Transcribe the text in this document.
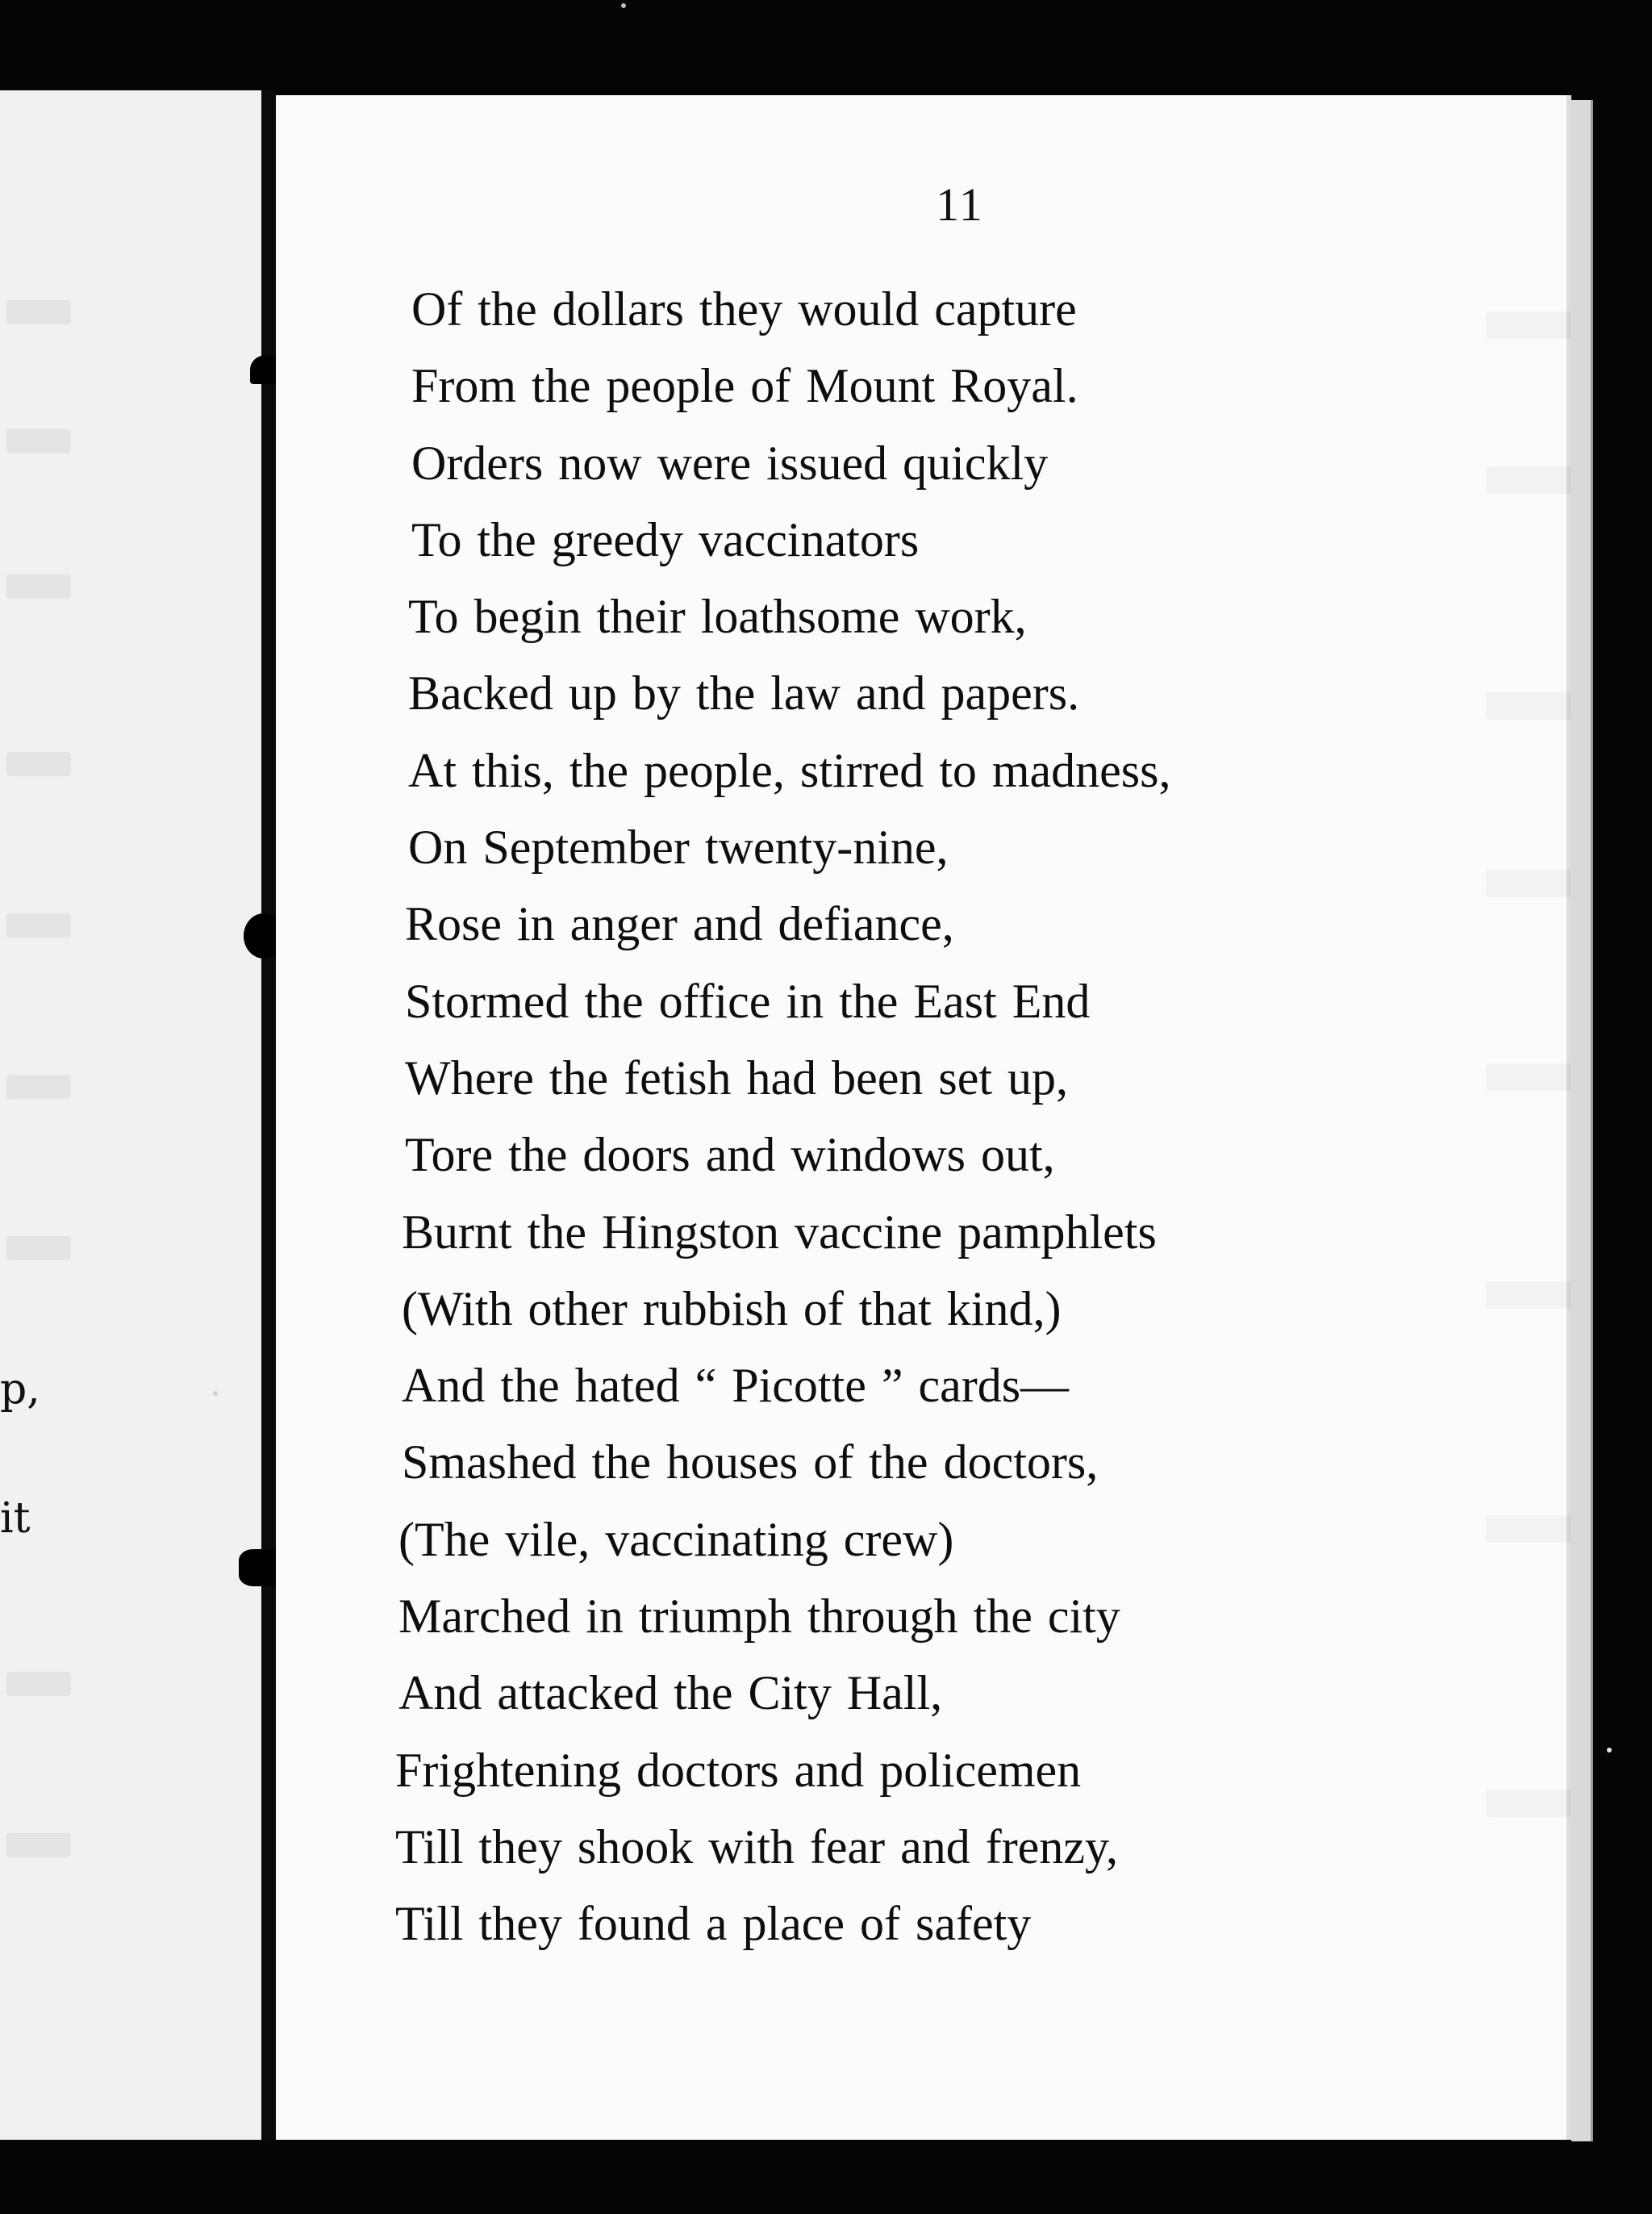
p,
it
11
Of the dollars they would capture
From the people of Mount Royal.
Orders now were issued quickly
To the greedy vaccinators
To begin their loathsome work,
Backed up by the law and papers.
At this, the people, stirred to madness,
On September twenty-nine,
Rose in anger and defiance,
Stormed the office in the East End
Where the fetish had been set up,
Tore the doors and windows out,
Burnt the Hingston vaccine pamphlets
(With other rubbish of that kind,)
And the hated “ Picotte ” cards—
Smashed the houses of the doctors,
(The vile, vaccinating crew)
Marched in triumph through the city
And attacked the City Hall,
Frightening doctors and policemen
Till they shook with fear and frenzy,
Till they found a place of safety
